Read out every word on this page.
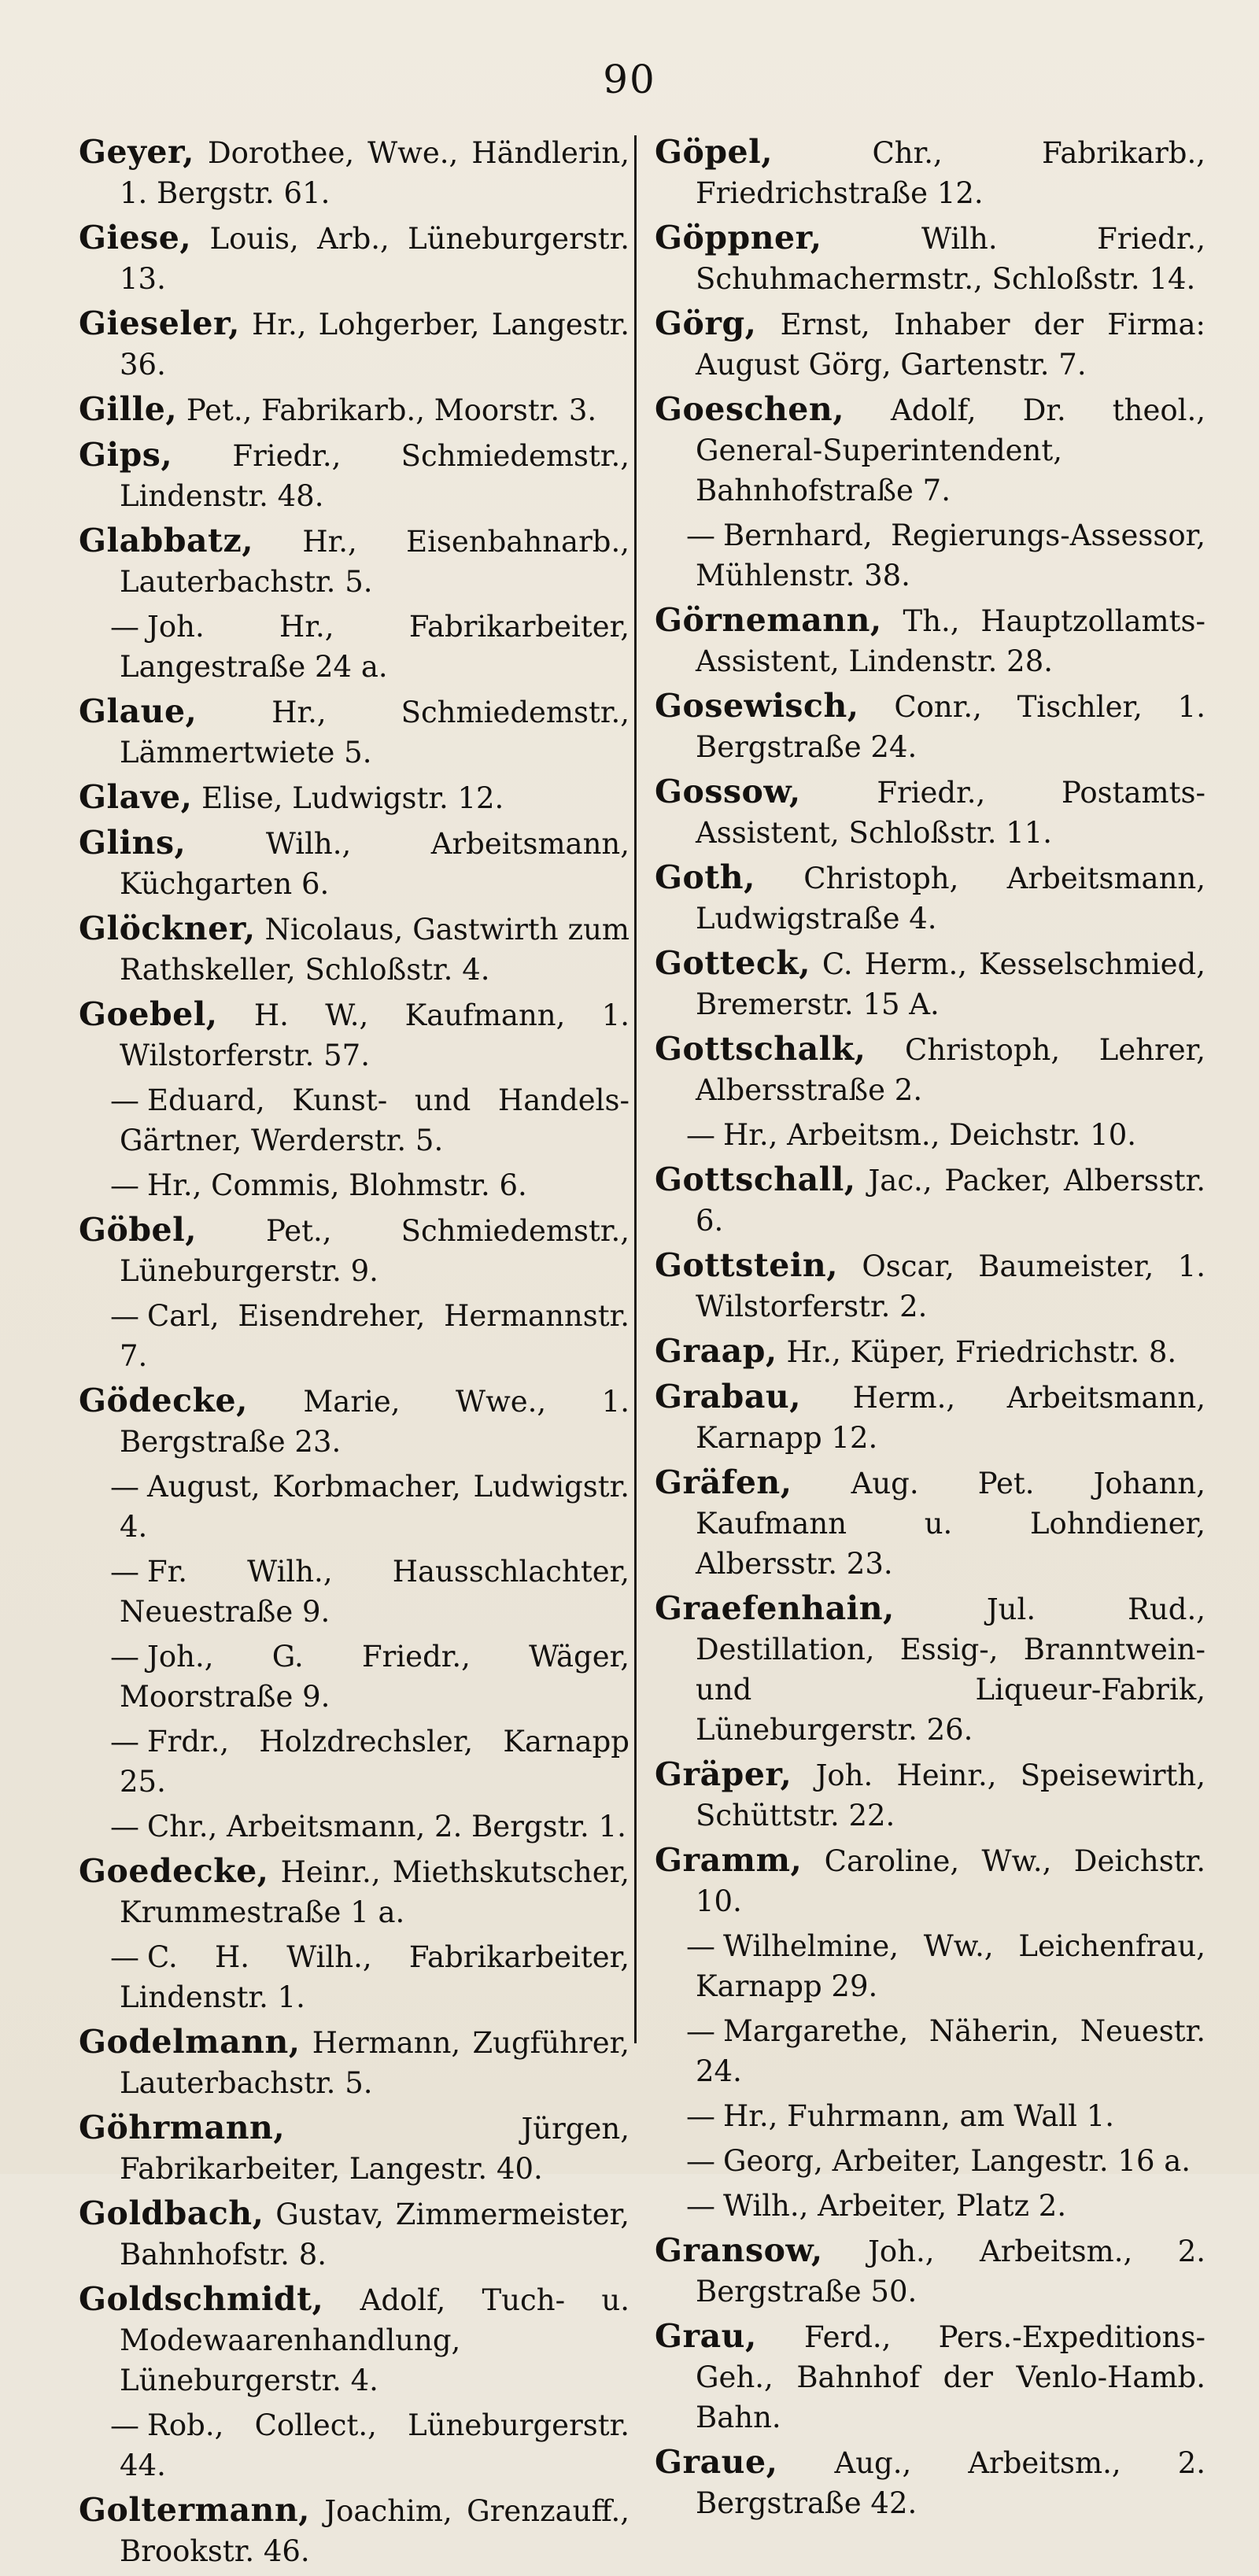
90

Geyer, Dorothee, Wwe., Händlerin, 1. Bergstr. 61.

Giese, Louis, Arb., Lüneburgerstr. 13.

Gieseler, Hr., Lohgerber, Langestr. 36.

Gille, Pet., Fabrikarb., Moorstr. 3.

Gips, Friedr., Schmiedemstr., Lindenstr. 48.

Glabbatz, Hr., Eisenbahnarb., Lauterbachstr. 5.

— Joh. Hr., Fabrikarbeiter, Langestraße 24 a.

Glaue,	Hr., Schmiedemstr., Lämmertwiete 5.

Glave, Elise, Ludwigstr. 12.

Glins,	Wilh., Arbeitsmann, Küchgarten 6.

Glöckner, Nicolaus, Gastwirth zum Rathskeller, Schloßstr. 4.

Goebel, H. W., Kaufmann, 1. Wilstorferstr. 57.

— Eduard, Kunst- und Handels-Gärtner, Werderstr. 5.

— Hr., Commis, Blohmstr. 6.

Göbel, Pet., Schmiedemstr., Lüneburgerstr. 9.

— Carl, Eisendreher, Hermannstr. 7.

Gödecke, Marie, Wwe., 1. Bergstraße 23.

— August, Korbmacher, Ludwigstr. 4.

— Fr. Wilh., Hausschlachter, Neuestraße 9.

— Joh., G. Friedr., Wäger, Moorstraße 9.

— Frdr., Holzdrechsler, Karnapp 25.

— Chr., Arbeitsmann, 2. Bergstr. 1.

Goedecke, Heinr., Miethskutscher, Krummestraße 1 a.

— C. H. Wilh., Fabrikarbeiter, Lindenstr. 1.

Godelmann, Hermann, Zugführer, Lauterbachstr. 5.

Göhrmann,	Jürgen, Fabrikarbeiter, Langestr. 40.

Goldbach, Gustav, Zimmermeister, Bahnhofstr. 8.

Goldschmidt, Adolf, Tuch- u. Modewaarenhandlung, Lüneburgerstr. 4.

— Rob., Collect., Lüneburgerstr. 44.

Goltermann, Joachim, Grenzauff., Brookstr. 46.

Göpel,	Chr., Fabrikarb., Friedrichstraße 12.

Göppner,	Wilh. Friedr., Schuhmachermstr., Schloßstr. 14.

Görg, Ernst, Inhaber der Firma: August Görg, Gartenstr. 7.

Goeschen, Adolf, Dr. theol., General-Superintendent, Bahnhofstraße 7.

— Bernhard, Regierungs-Assessor, Mühlenstr. 38.

Görnemann, Th., Hauptzollamts-Assistent, Lindenstr. 28.

Gosewisch, Conr., Tischler, 1. Bergstraße 24.

Gossow,	Friedr., Postamts-Assistent, Schloßstr. 11.

Goth, Christoph, Arbeitsmann, Ludwigstraße 4.

Gotteck, C. Herm., Kesselschmied, Bremerstr. 15 A.

Gottschalk, Christoph, Lehrer, Albersstraße 2.

— Hr., Arbeitsm., Deichstr. 10.

Gottschall, Jac., Packer, Albersstr. 6.

Gottstein, Oscar, Baumeister, 1. Wilstorferstr. 2.

Graap, Hr., Küper, Friedrichstr. 8.

Grabau, Herm., Arbeitsmann, Karnapp 12.

Gräfen, Aug. Pet. Johann, Kaufmann u. Lohndiener, Albersstr. 23.

Graefenhain,	Jul. Rud., Destillation, Essig-, Branntwein- und Liqueur-Fabrik, Lüneburgerstr. 26.

Gräper, Joh. Heinr., Speisewirth, Schüttstr. 22.

Gramm, Caroline, Ww., Deichstr. 10.

— Wilhelmine, Ww., Leichenfrau, Karnapp 29.

— Margarethe, Näherin, Neuestr. 24.

— Hr., Fuhrmann, am Wall 1.

— Georg, Arbeiter, Langestr. 16 a.

— Wilh., Arbeiter, Platz 2.

Gransow, Joh., Arbeitsm., 2. Bergstraße 50.

Grau, Ferd., Pers.-Expeditions-Geh., Bahnhof der Venlo-Hamb. Bahn.

Graue, Aug., Arbeitsm., 2. Bergstraße 42.
